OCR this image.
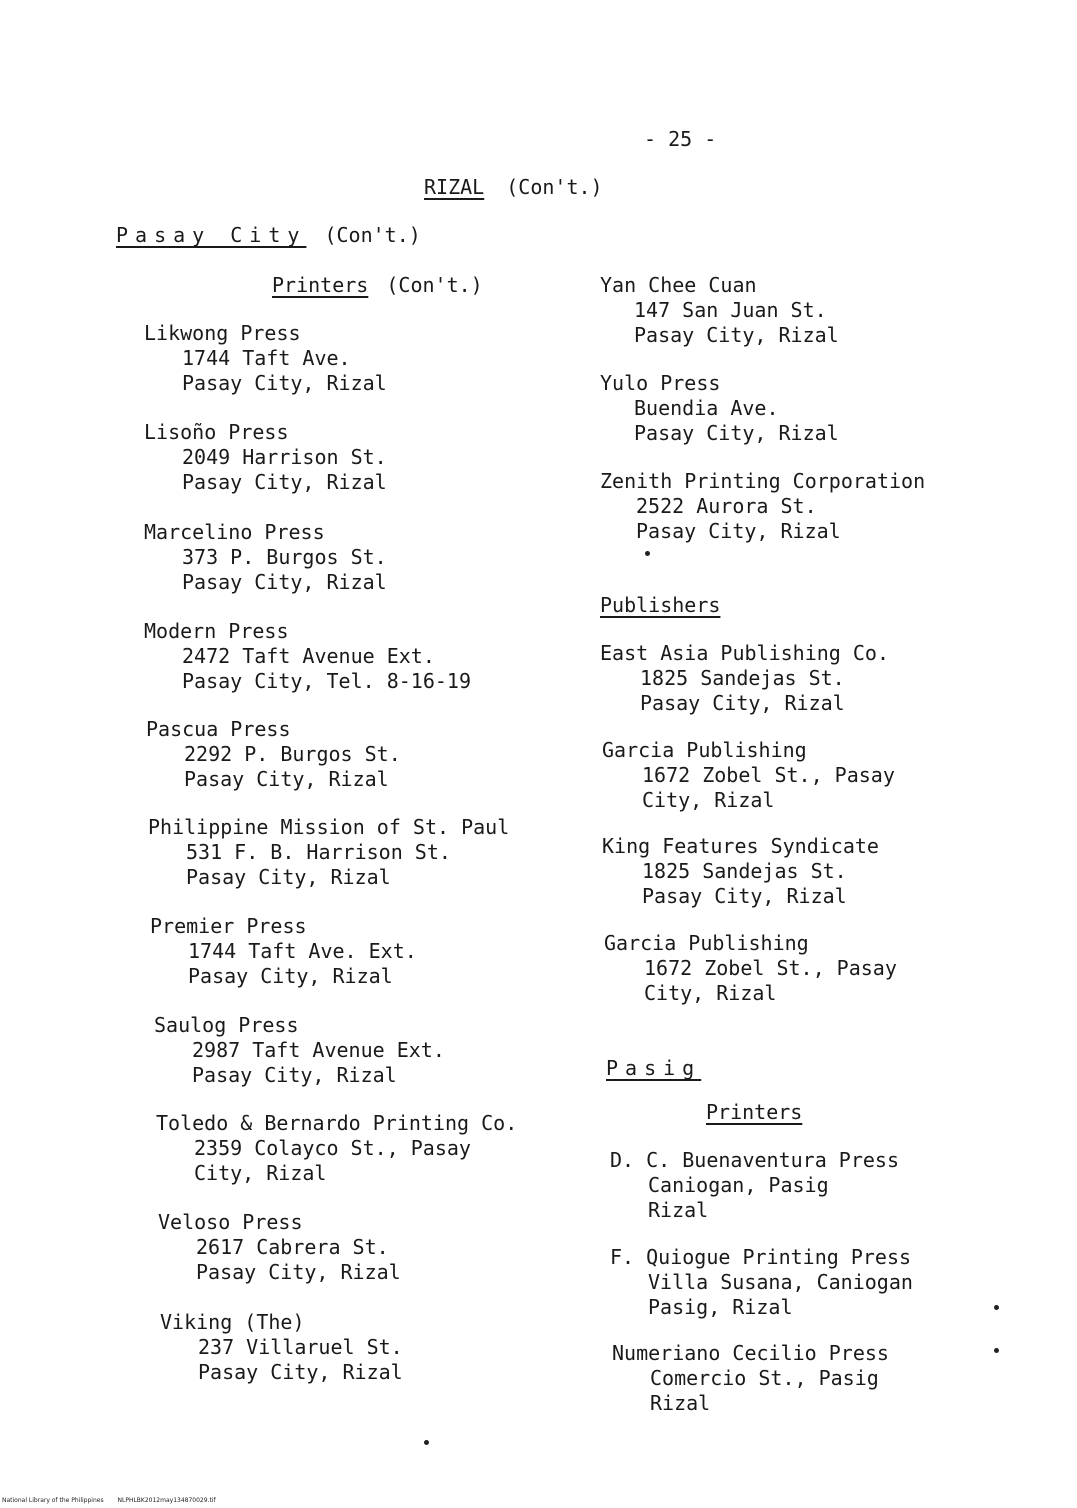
- 25 -
RIZAL (Con't.)
Pasay City (Con't.)
Printers (Con't.)
Likwong Press
1744 Taft Ave.
Pasay City, Rizal
Lisoño Press
2049 Harrison St.
Pasay City, Rizal
Marcelino Press
373 P. Burgos St.
Pasay City, Rizal
Modern Press
2472 Taft Avenue Ext.
Pasay City, Tel. 8-16-19
Pascua Press
2292 P. Burgos St.
Pasay City, Rizal
Philippine Mission of St. Paul
531 F. B. Harrison St.
Pasay City, Rizal
Premier Press
1744 Taft Ave. Ext.
Pasay City, Rizal
Saulog Press
2987 Taft Avenue Ext.
Pasay City, Rizal
Toledo & Bernardo Printing Co.
2359 Colayco St., Pasay
City, Rizal
Veloso Press
2617 Cabrera St.
Pasay City, Rizal
Viking (The)
237 Villaruel St.
Pasay City, Rizal
Yan Chee Cuan
147 San Juan St.
Pasay City, Rizal
Yulo Press
Buendia Ave.
Pasay City, Rizal
Zenith Printing Corporation
2522 Aurora St.
Pasay City, Rizal
Publishers
East Asia Publishing Co.
1825 Sandejas St.
Pasay City, Rizal
Garcia Publishing
1672 Zobel St., Pasay
City, Rizal
King Features Syndicate
1825 Sandejas St.
Pasay City, Rizal
Garcia Publishing
1672 Zobel St., Pasay
City, Rizal
Pasig
Printers
D. C. Buenaventura Press
Caniogan, Pasig
Rizal
F. Quiogue Printing Press
Villa Susana, Caniogan
Pasig, Rizal
Numeriano Cecilio Press
Comercio St., Pasig
Rizal
National Library of the Philippines NLPHLBK2012may134870029.tif
